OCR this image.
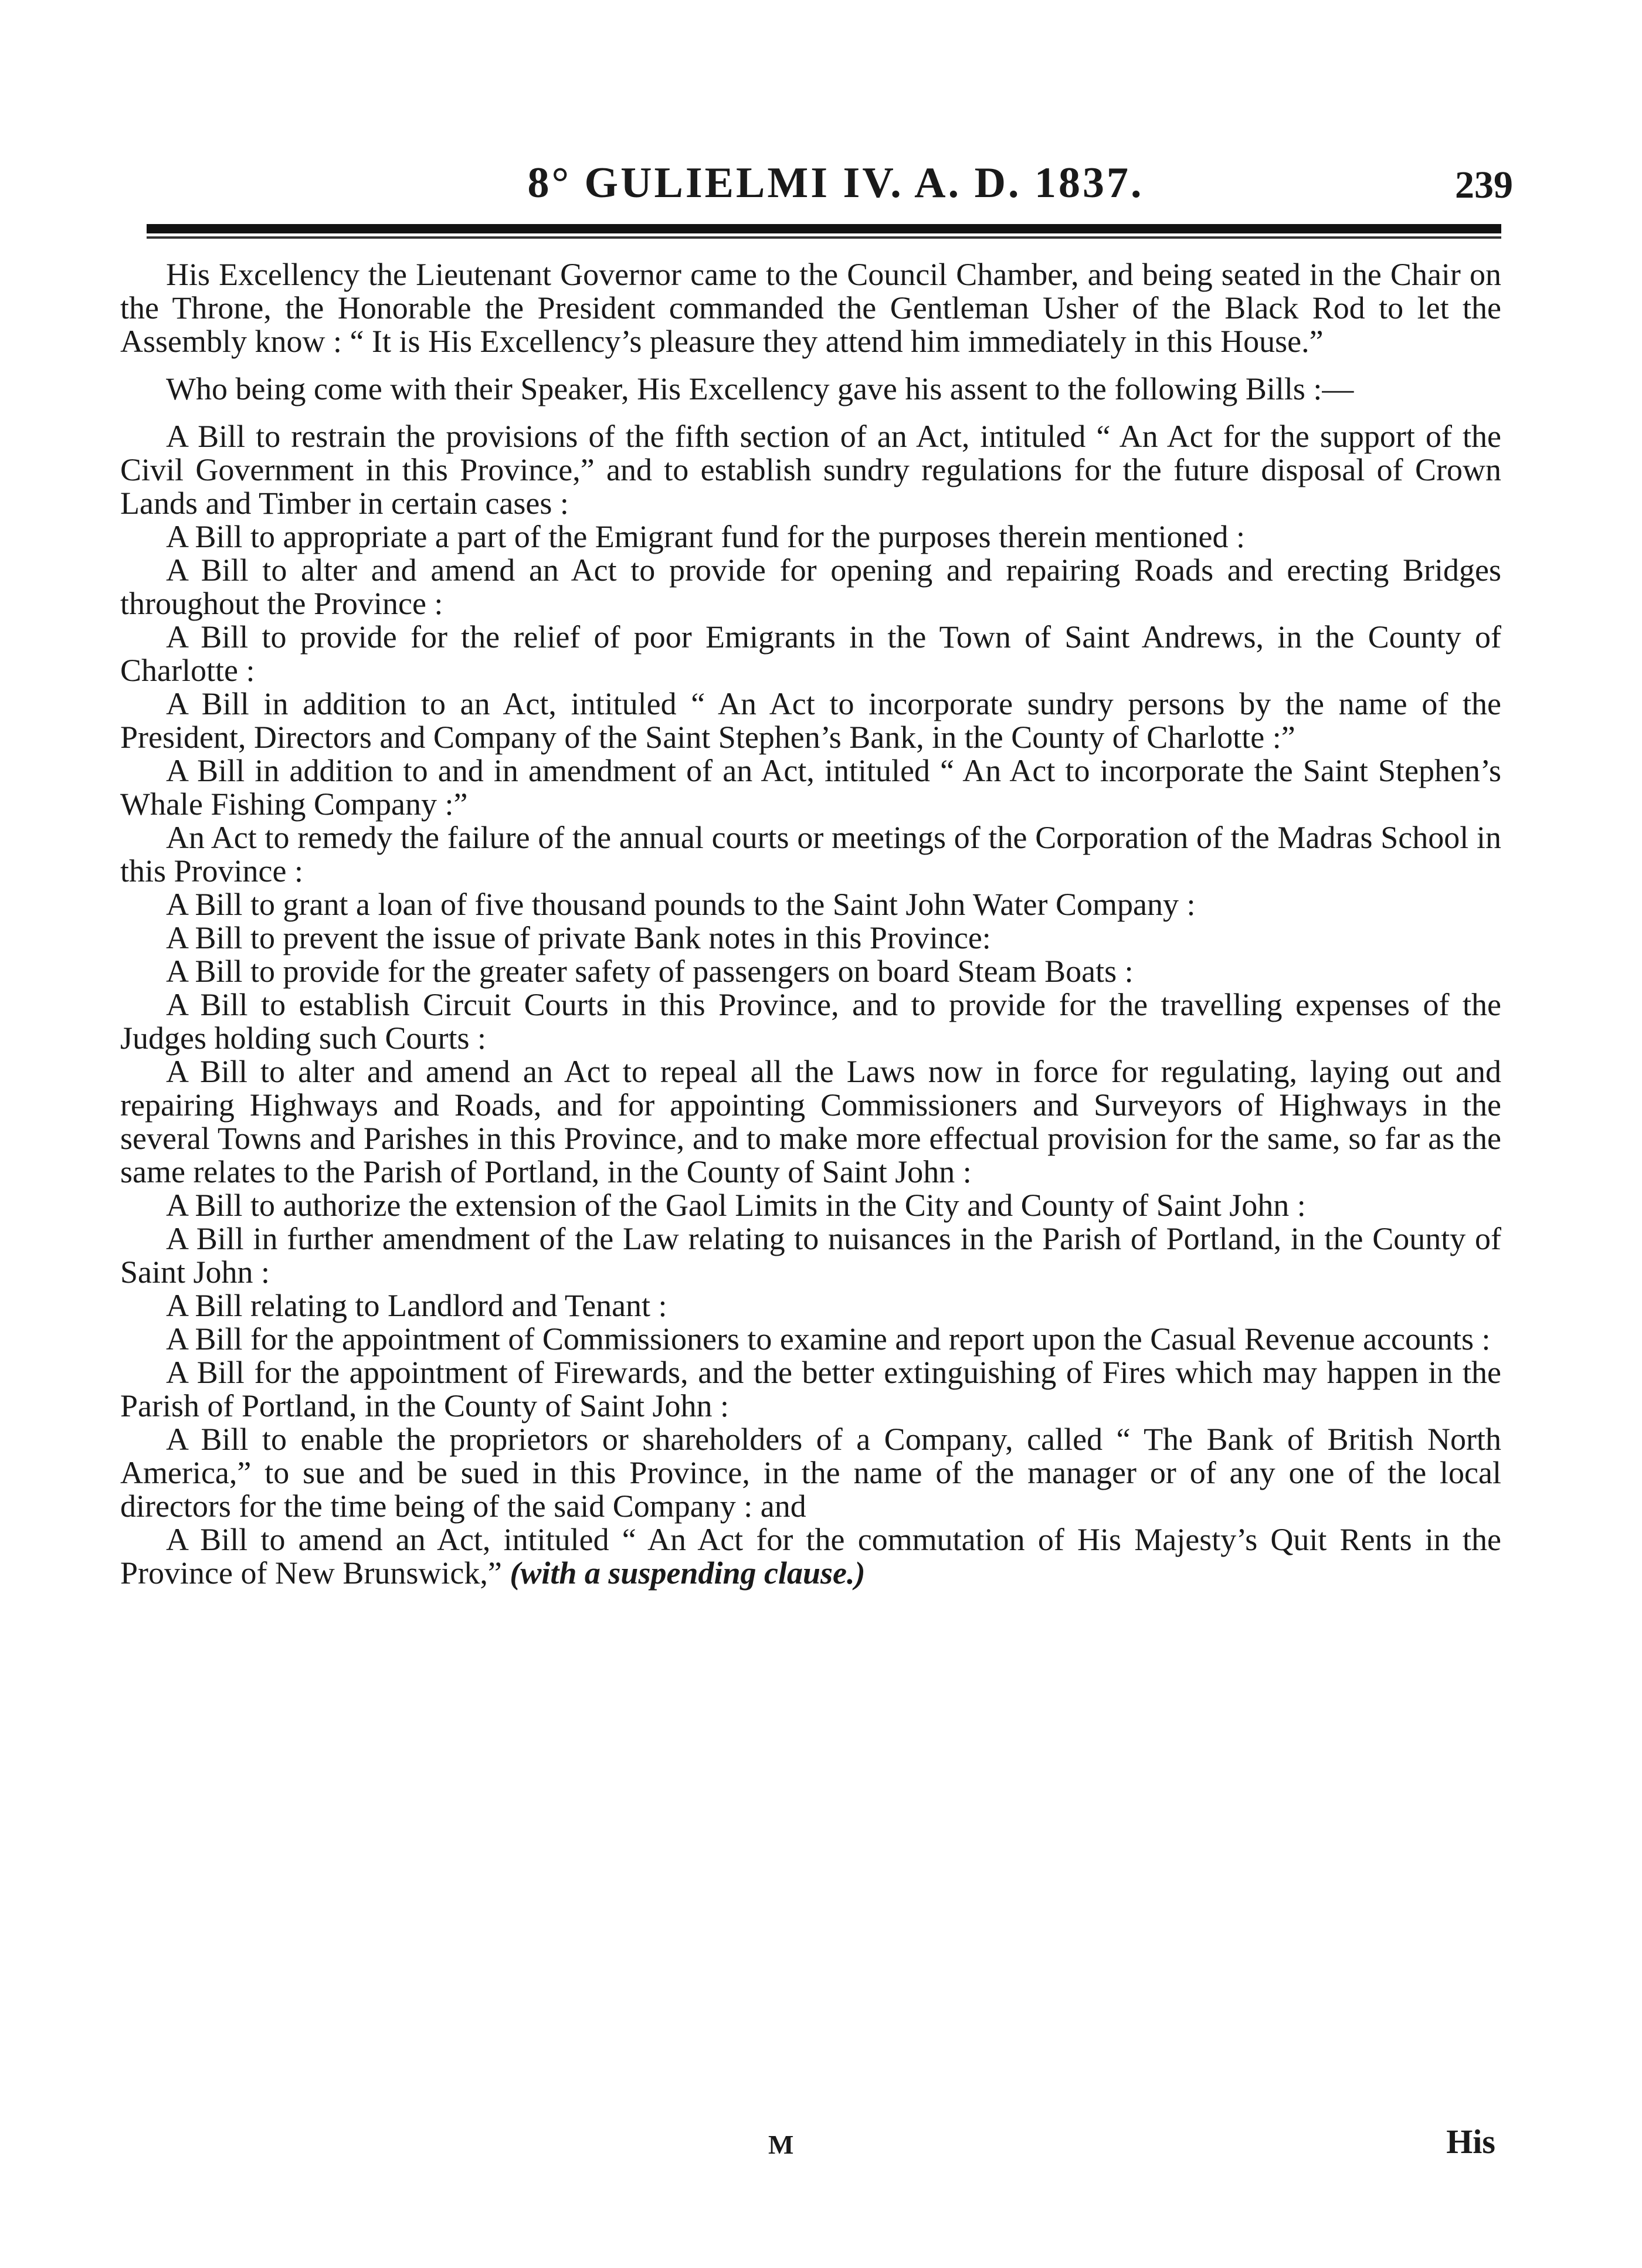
8° GULIELMI IV. A. D. 1837.	239

His Excellency the Lieutenant Governor came to the Council Chamber, and being seated in the Chair on the Throne, the Honorable the President commanded the Gentleman Usher of the Black Rod to let the Assembly know : “ It is His Excellency’s pleasure they attend him immediately in this House.”

Who being come with their Speaker, His Excellency gave his assent to the following Bills :—

A Bill to restrain the provisions of the fifth section of an Act, intituled “ An Act for the support of the Civil Government in this Province,” and to establish sundry regulations for the future disposal of Crown Lands and Timber in certain cases :

A Bill to appropriate a part of the Emigrant fund for the purposes therein mentioned :

A Bill to alter and amend an Act to provide for opening and repairing Roads and erecting Bridges throughout the Province :

A Bill to provide for the relief of poor Emigrants in the Town of Saint Andrews, in the County of Charlotte :

A Bill in addition to an Act, intituled “ An Act to incorporate sundry persons by the name of the President, Directors and Company of the Saint Stephen’s Bank, in the County of Charlotte :”

A Bill in addition to and in amendment of an Act, intituled “ An Act to incorporate the Saint Stephen’s Whale Fishing Company :”

An Act to remedy the failure of the annual courts or meetings of the Corporation of the Madras School in this Province :

A Bill to grant a loan of five thousand pounds to the Saint John Water Company :

A Bill to prevent the issue of private Bank notes in this Province:

A Bill to provide for the greater safety of passengers on board Steam Boats :

A Bill to establish Circuit Courts in this Province, and to provide for the travelling expenses of the Judges holding such Courts :

A Bill to alter and amend an Act to repeal all the Laws now in force for regulating, laying out and repairing Highways and Roads, and for appointing Commissioners and Surveyors of Highways in the several Towns and Parishes in this Province, and to make more effectual provision for the same, so far as the same relates to the Parish of Portland, in the County of Saint John :

A Bill to authorize the extension of the Gaol Limits in the City and County of Saint John :

A Bill in further amendment of the Law relating to nuisances in the Parish of Portland, in the County of Saint John :

A Bill relating to Landlord and Tenant :

A Bill for the appointment of Commissioners to examine and report upon the Casual Revenue accounts :

A Bill for the appointment of Firewards, and the better extinguishing of Fires which may happen in the Parish of Portland, in the County of Saint John :

A Bill to enable the proprietors or shareholders of a Company, called “ The Bank of British North America,” to sue and be sued in this Province, in the name of the manager or of any one of the local directors for the time being of the said Company : and

A Bill to amend an Act, intituled “ An Act for the commutation of His Majesty’s Quit Rents in the Province of New Brunswick,” (with a suspending clause.)

M	His
